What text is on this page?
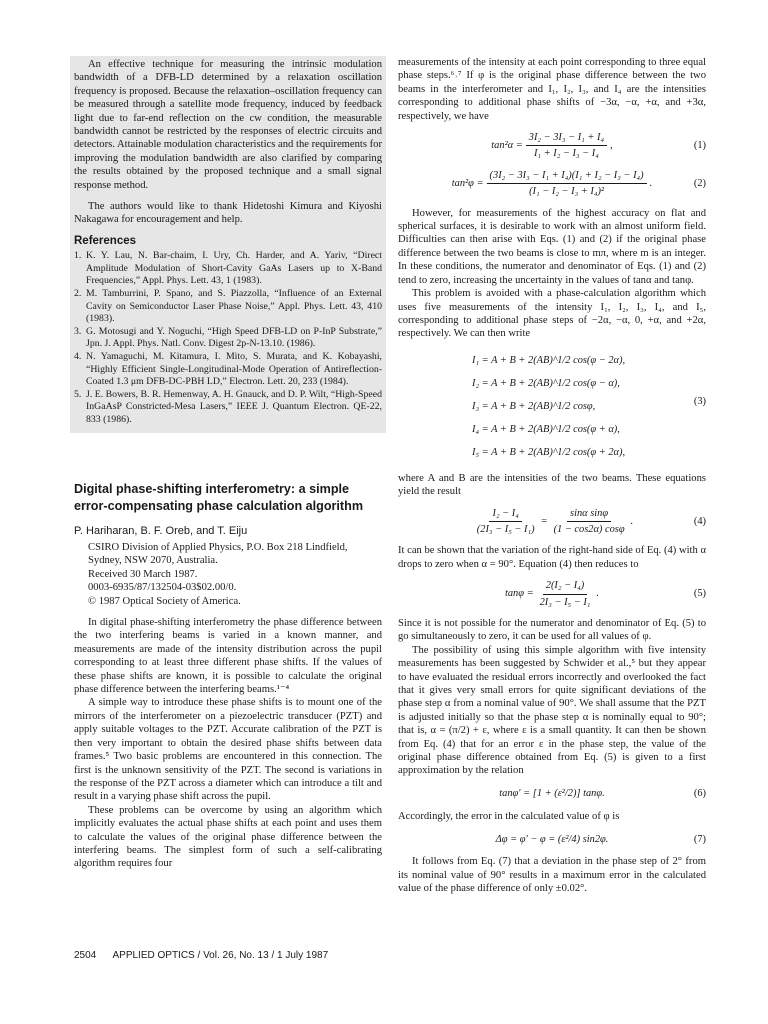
An effective technique for measuring the intrinsic modulation bandwidth of a DFB-LD determined by a relaxation oscillation frequency is proposed. Because the relaxation–oscillation frequency can be measured through a satellite mode frequency, induced by feedback light due to far-end reflection on the cw condition, the measurable bandwidth cannot be restricted by the responses of electric circuits and detectors. Attainable modulation characteristics and the requirements for improving the modulation bandwidth are also clarified by comparing the results obtained by the proposed technique and a small signal response method.

The authors would like to thank Hidetoshi Kimura and Kiyoshi Nakagawa for encouragement and help.

References
1. K. Y. Lau, N. Bar-chaim, I. Ury, Ch. Harder, and A. Yariv, “Direct Amplitude Modulation of Short-Cavity GaAs Lasers up to X-Band Frequencies,” Appl. Phys. Lett. 43, 1 (1983).
2. M. Tamburrini, P. Spano, and S. Piazzolla, “Influence of an External Cavity on Semiconductor Laser Phase Noise,” Appl. Phys. Lett. 43, 410 (1983).
3. G. Motosugi and Y. Noguchi, “High Speed DFB-LD on P-InP Substrate,” Jpn. J. Appl. Phys. Natl. Conv. Digest 2p-N-13.10. (1986).
4. N. Yamaguchi, M. Kitamura, I. Mito, S. Murata, and K. Kobayashi, “Highly Efficient Single-Longitudinal-Mode Operation of Antireflection-Coated 1.3 μm DFB-DC-PBH LD,” Electron. Lett. 20, 233 (1984).
5. J. E. Bowers, B. R. Hemenway, A. H. Gnauck, and D. P. Wilt, “High-Speed InGaAsP Constricted-Mesa Lasers,” IEEE J. Quantum Electron. QE-22, 833 (1986).
Digital phase-shifting interferometry: a simple error-compensating phase calculation algorithm
P. Hariharan, B. F. Oreb, and T. Eiju
CSIRO Division of Applied Physics, P.O. Box 218 Lindfield, Sydney, NSW 2070, Australia.
Received 30 March 1987.
0003-6935/87/132504-03$02.00/0.
© 1987 Optical Society of America.

In digital phase-shifting interferometry the phase difference between the two interfering beams is varied in a known manner, and measurements are made of the intensity distribution across the pupil corresponding to at least three different phase shifts. If the values of these phase shifts are known, it is possible to calculate the original phase difference between the interfering beams.¹⁻⁴

A simple way to introduce these phase shifts is to mount one of the mirrors of the interferometer on a piezoelectric transducer (PZT) and apply suitable voltages to the PZT. Accurate calibration of the PZT is then very important to obtain the desired phase shifts between data frames.⁵ Two basic problems are encountered in this connection. The first is the unknown sensitivity of the PZT. The second is variations in the response of the PZT across a diameter which can introduce a tilt and result in a varying phase shift across the pupil.

These problems can be overcome by using an algorithm which implicitly evaluates the actual phase shifts at each point and uses them to calculate the values of the original phase difference between the interfering beams. The simplest form of such a self-calibrating algorithm requires four

measurements of the intensity at each point corresponding to three equal phase steps.⁶˒⁷ If φ is the original phase difference between the two beams in the interferometer and I₁, I₂, I₃, and I₄ are the intensities corresponding to additional phase shifts of −3α, −α, +α, and +3α, respectively, we have

$\tan^2\alpha = \frac{\text{3I₂ − 3I₃ − I₁ + I₄}}{\text{I₁ + I₂ − I₃ − I₄}}$ ,	(1)
$\tan^2\varphi = \frac{\text{(3I₂ − 3I₃ − I₁ + I₄)(I₁ + I₂ − I₃ − I₄)}}{\text{(I₁ − I₂ − I₃ + I₄)²}}$ .	(2)

However, for measurements of the highest accuracy on flat and spherical surfaces, it is desirable to work with an almost uniform field. Difficulties can then arise with Eqs. (1) and (2) if the original phase difference between the two beams is close to mπ, where m is an integer. In these conditions, the numerator and denominator of Eqs. (1) and (2) tend to zero, increasing the uncertainty in the values of tanα and tanφ.

This problem is avoided with a phase-calculation algorithm which uses five measurements of the intensity I₁, I₂, I₃, I₄, and I₅, corresponding to additional phase steps of −2α, −α, 0, +α, and +2α, respectively. We can then write

I₁ = A + B + 2(AB)^1/2 cos(φ − 2α),
I₂ = A + B + 2(AB)^1/2 cos(φ − α),
I₃ = A + B + 2(AB)^1/2 cosφ,
I₄ = A + B + 2(AB)^1/2 cos(φ + α),
I₅ = A + B + 2(AB)^1/2 cos(φ + 2α),
(3)

where A and B are the intensities of the two beams. These equations yield the result

$\frac{\text{I₂ − I₄}}{\text{(2I₃ − I₅ − I₁)}} = \frac{\text{sinα sinφ}}{(1 - \cos 2\alpha) \cos\varphi}$ .	(4)

It can be shown that the variation of the right-hand side of Eq. (4) with α drops to zero when α = 90°. Equation (4) then reduces to

$\tan\varphi = \frac{\text{2(I₂ − I₄)}}{\text{2I₃ − I₅ − I₁}}$ .	(5)

Since it is not possible for the numerator and denominator of Eq. (5) to go simultaneously to zero, it can be used for all values of φ.

The possibility of using this simple algorithm with five intensity measurements has been suggested by Schwider et al.,⁵ but they appear to have evaluated the residual errors incorrectly and overlooked the fact that it gives very small errors for quite significant deviations of the phase step α from a nominal value of 90°. We shall assume that the PZT is adjusted initially so that the phase step α is nominally equal to 90°; that is, α = (π/2) + ε, where ε is a small quantity. It can then be shown from Eq. (4) that for an error ε in the phase step, the value of the original phase difference obtained from Eq. (5) is given to a first approximation by the relation

tanφ′ = [1 + (ε²/2)] tanφ.	(6)

Accordingly, the error in the calculated value of φ is

Δφ = φ′ − φ = (ε²/4) sin2φ.	(7)

It follows from Eq. (7) that a deviation in the phase step of 2° from its nominal value of 90° results in a maximum error in the calculated value of the phase difference of only ±0.02°.

2504 APPLIED OPTICS / Vol. 26, No. 13 / 1 July 1987
